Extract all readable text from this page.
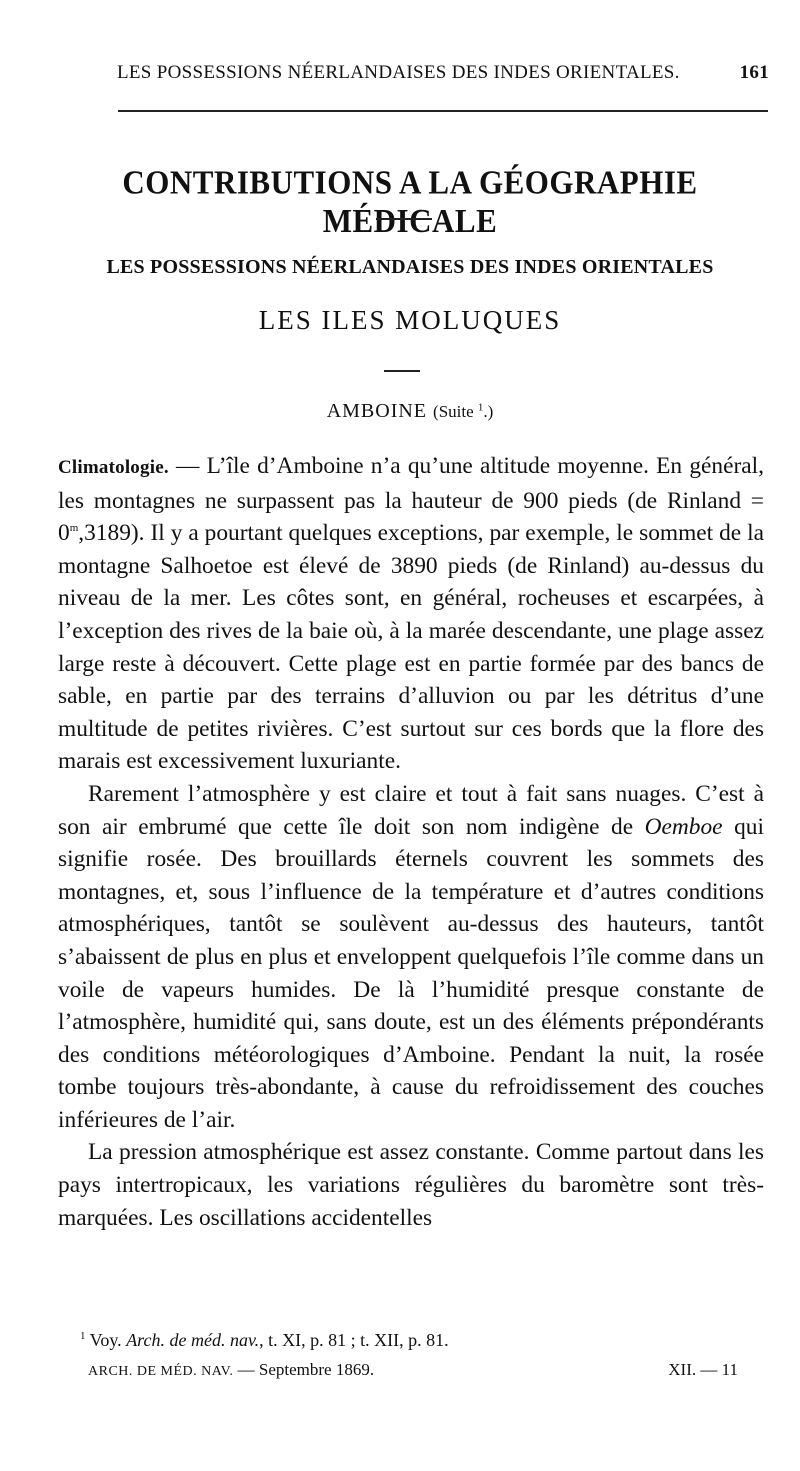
LES POSSESSIONS NÉERLANDAISES DES INDES ORIENTALES.	161
CONTRIBUTIONS A LA GÉOGRAPHIE MÉDICALE
LES POSSESSIONS NÉERLANDAISES DES INDES ORIENTALES
LES ILES MOLUQUES
AMBOINE (Suite $^1$.)

Climatologie. — L’île d’Amboine n’a qu’une altitude moyenne. En général, les montagnes ne surpassent pas la hauteur de 900 pieds (de Rinland = $0^m,3189$). Il y a pourtant quelques exceptions, par exemple, le sommet de la montagne Salhoetoe est élevé de 3890 pieds (de Rinland) au-dessus du niveau de la mer. Les côtes sont, en général, rocheuses et escarpées, à l’exception des rives de la baie où, à la marée descendante, une plage assez large reste à découvert. Cette plage est en partie formée par des bancs de sable, en partie par des terrains d’alluvion ou par les détritus d’une multitude de petites rivières. C’est surtout sur ces bords que la flore des marais est excessivement luxuriante.

Rarement l’atmosphère y est claire et tout à fait sans nuages. C’est à son air embrumé que cette île doit son nom indigène de Oemboe qui signifie rosée. Des brouillards éternels couvrent les sommets des montagnes, et, sous l’influence de la température et d’autres conditions atmosphériques, tantôt se soulèvent au-dessus des hauteurs, tantôt s’abaissent de plus en plus et enveloppent quelquefois l’île comme dans un voile de vapeurs humides. De là l’humidité presque constante de l’atmosphère, humidité qui, sans doute, est un des éléments prépondérants des conditions météorologiques d’Amboine. Pendant la nuit, la rosée tombe toujours très-abondante, à cause du refroidissement des couches inférieures de l’air.

La pression atmosphérique est assez constante. Comme partout dans les pays intertropicaux, les variations régulières du baromètre sont très-marquées. Les oscillations accidentelles

$^1$ Voy. Arch. de méd. nav., t. XI, p. 81 ; t. XII, p. 81.
ARCH. DE MÉD. NAV. — Septembre 1869.	XII. — 11
